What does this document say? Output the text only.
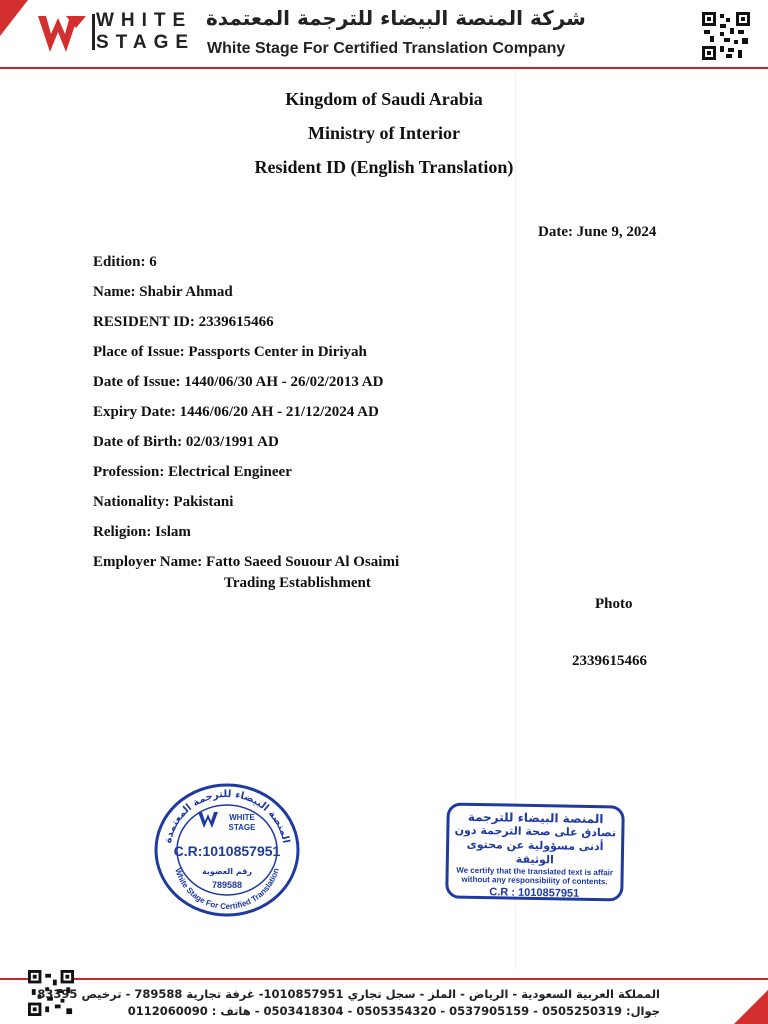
WHITE
STAGE
شركة المنصة البيضاء للترجمة المعتمدة
White Stage For Certified Translation Company
Kingdom of Saudi Arabia
Ministry of Interior
Resident ID (English Translation)
Date: June 9, 2024
Edition: 6
Name: Shabir Ahmad
RESIDENT ID: 2339615466
Place of Issue: Passports Center in Diriyah
Date of Issue: 1440/06/30 AH - 26/02/2013 AD
Expiry Date: 1446/06/20 AH - 21/12/2024 AD
Date of Birth: 02/03/1991 AD
Profession: Electrical Engineer
Nationality: Pakistani
Religion: Islam
Employer Name: Fatto Saeed Souour Al Osaimi
Trading Establishment
Photo
2339615466
المنصة البيضاء للترجمة المعتمدة
White Stage For Certified Translation
WHITE
STAGE
C.R:1010857951
رقم العضوية
789588
المنصة البيضاء للترجمة
نصادق على صحة الترجمة دون
أدنى مسؤولية عن محتوى الوثيقة
We certify that the translated text is affair
without any responsibility of contents.
C.R : 1010857951
المملكة العربية السعودية - الرياض - الملز - سجل تجاري 1010857951- غرفة تجارية 789588 - ترخيص 83395
جوال: 0505250319 - 0537905159 - 0505354320 - 0503418304 - هاتف : 0112060090
